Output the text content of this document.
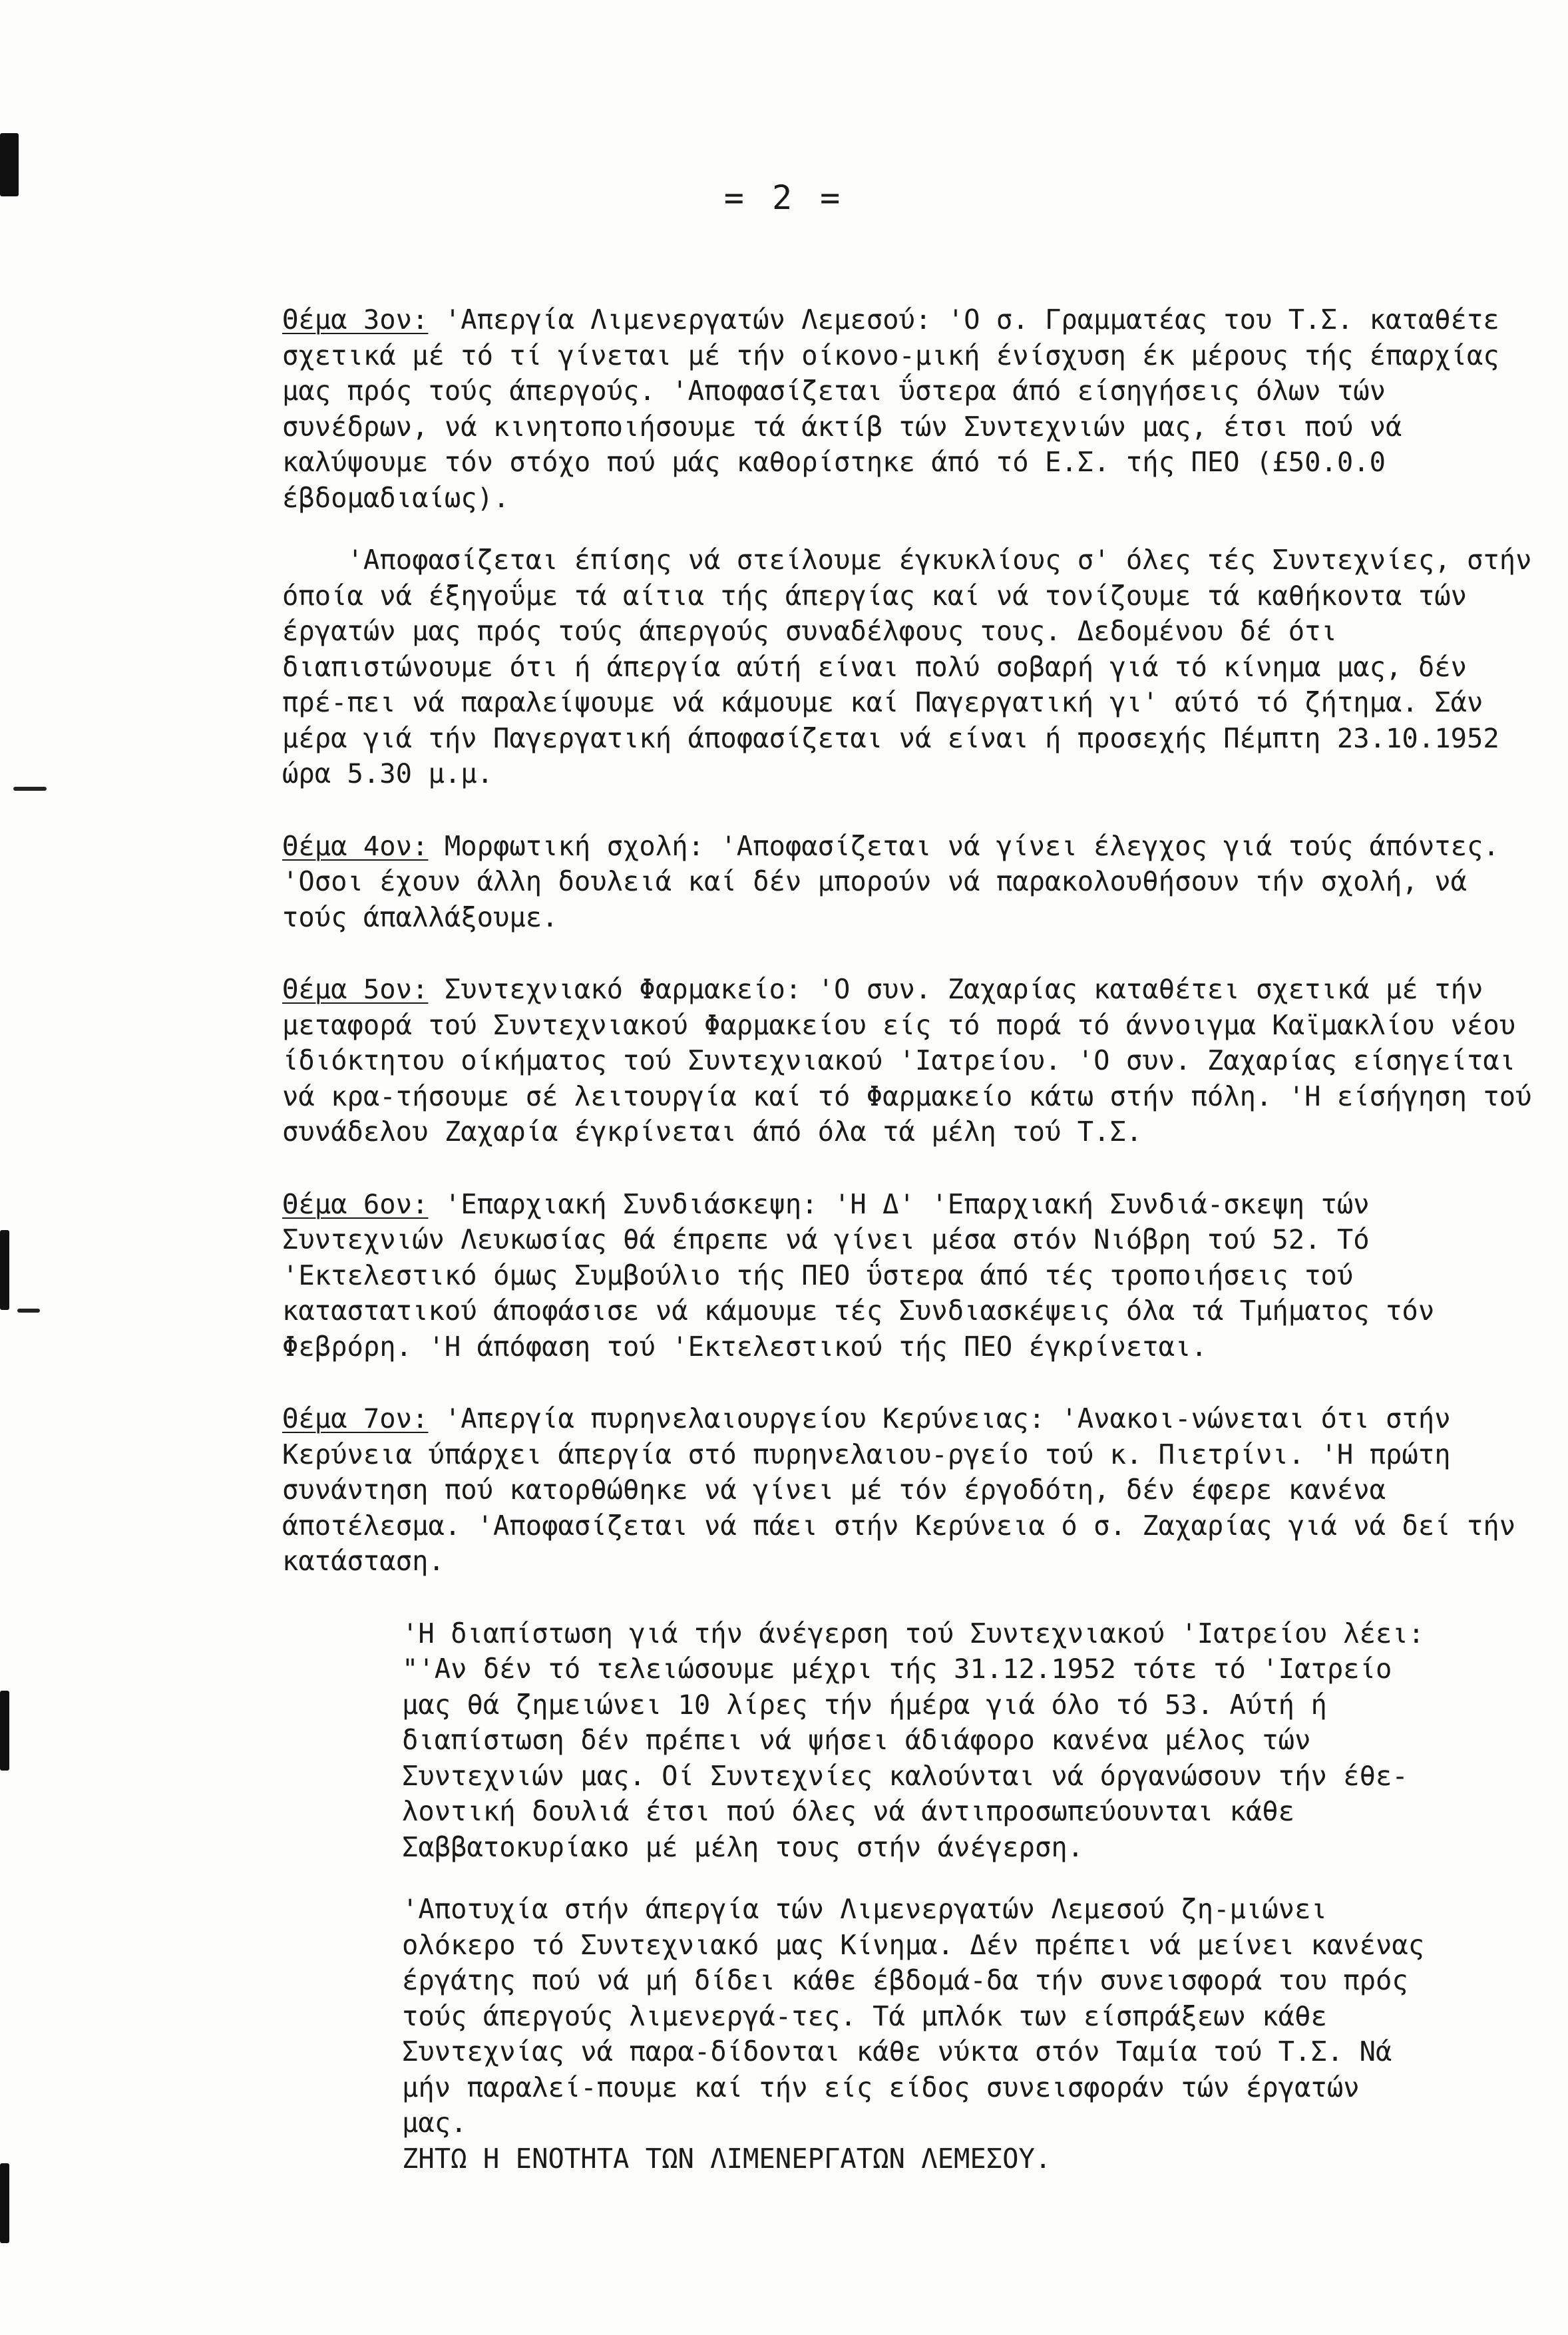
= 2 =

Θέμα 3ον: 'Απεργία Λιμενεργατών Λεμεσού: 'Ο σ. Γραμματέας του Τ.Σ. καταθέτε σχετικά μέ τό τί γίνεται μέ τήν οίκονο-μική ένίσχυση έκ μέρους τής έπαρχίας μας πρός τούς άπεργούς. 'Αποφασίζεται ΰστερα άπό είσηγήσεις όλων τών συνέδρων, νά κινητοποιήσουμε τά άκτίβ τών Συντεχνιών μας, έτσι πού νά καλύψουμε τόν στόχο πού μάς καθορίστηκε άπό τό Ε.Σ. τής ΠΕΟ (£50.0.0 έβδομαδιαίως).

'Αποφασίζεται έπίσης νά στείλουμε έγκυκλίους σ' όλες τές Συντεχνίες, στήν όποία νά έξηγοΰμε τά αίτια τής άπεργίας καί νά τονίζουμε τά καθήκοντα τών έργατών μας πρός τούς άπεργούς συναδέλφους τους. Δεδομένου δέ ότι διαπιστώνουμε ότι ή άπεργία αύτή είναι πολύ σοβαρή γιά τό κίνημα μας, δέν πρέ-πει νά παραλείψουμε νά κάμουμε καί Παγεργατική γι' αύτό τό ζήτημα. Σάν μέρα γιά τήν Παγεργατική άποφασίζεται νά είναι ή προσεχής Πέμπτη 23.10.1952 ώρα 5.30 μ.μ.

Θέμα 4ον: Μορφωτική σχολή: 'Αποφασίζεται νά γίνει έλεγχος γιά τούς άπόντες. 'Οσοι έχουν άλλη δουλειά καί δέν μπορούν νά παρακολουθήσουν τήν σχολή, νά τούς άπαλλάξουμε.

Θέμα 5ον: Συντεχνιακό Φαρμακείο: 'Ο συν. Ζαχαρίας καταθέτει σχετικά μέ τήν μεταφορά τού Συντεχνιακού Φαρμακείου είς τό πορά τό άννοιγμα Καϊμακλίου νέου ίδιόκτητου οίκήματος τού Συντεχνιακού 'Ιατρείου. 'Ο συν. Ζαχαρίας είσηγείται νά κρα-τήσουμε σέ λειτουργία καί τό Φαρμακείο κάτω στήν πόλη. 'Η είσήγηση τού συνάδελου Ζαχαρία έγκρίνεται άπό όλα τά μέλη τού Τ.Σ.

Θέμα 6ον: 'Επαρχιακή Συνδιάσκεψη: 'Η Δ' 'Επαρχιακή Συνδιά-σκεψη τών Συντεχνιών Λευκωσίας θά έπρεπε νά γίνει μέσα στόν Νιόβρη τού 52. Τό 'Εκτελεστικό όμως Συμβούλιο τής ΠΕΟ ΰστερα άπό τές τροποιήσεις τού καταστατικού άποφάσισε νά κάμουμε τές Συνδιασκέψεις όλα τά Τμήματος τόν Φεβρόρη. 'Η άπόφαση τού 'Εκτελεστικού τής ΠΕΟ έγκρίνεται.

Θέμα 7ον: 'Απεργία πυρηνελαιουργείου Κερύνειας: 'Ανακοι-νώνεται ότι στήν Κερύνεια ύπάρχει άπεργία στό πυρηνελαιου-ργείο τού κ. Πιετρίνι. 'Η πρώτη συνάντηση πού κατορθώθηκε νά γίνει μέ τόν έργοδότη, δέν έφερε κανένα άποτέλεσμα. 'Αποφασίζεται νά πάει στήν Κερύνεια ό σ. Ζαχαρίας γιά νά δεί τήν κατάσταση.

'Η διαπίστωση γιά τήν άνέγερση τού Συντεχνιακού 'Ιατρείου λέει: "'Αν δέν τό τελειώσουμε μέχρι τής 31.12.1952 τότε τό 'Ιατρείο μας θά ζημειώνει 10 λίρες τήν ήμέρα γιά όλο τό 53. Αύτή ή διαπίστωση δέν πρέπει νά ψήσει άδιάφορο κανένα μέλος τών Συντεχνιών μας. Οί Συντεχνίες καλούνται νά όργανώσουν τήν έθε-λοντική δουλιά έτσι πού όλες νά άντιπροσωπεύουνται κάθε Σαββατοκυρίακο μέ μέλη τους στήν άνέγερση.

'Αποτυχία στήν άπεργία τών Λιμενεργατών Λεμεσού ζη-μιώνει ολόκερο τό Συντεχνιακό μας Κίνημα. Δέν πρέπει νά μείνει κανένας έργάτης πού νά μή δίδει κάθε έβδομά-δα τήν συνεισφορά του πρός τούς άπεργούς λιμενεργά-τες. Τά μπλόκ των είσπράξεων κάθε Συντεχνίας νά παρα-δίδονται κάθε νύκτα στόν Ταμία τού Τ.Σ. Νά μήν παραλεί-πουμε καί τήν είς είδος συνεισφοράν τών έργατών μας.

ΖΗΤΩ Η ΕΝΟΤΗΤΑ ΤΩΝ ΛΙΜΕΝΕΡΓΑΤΩΝ ΛΕΜΕΣΟΥ.
